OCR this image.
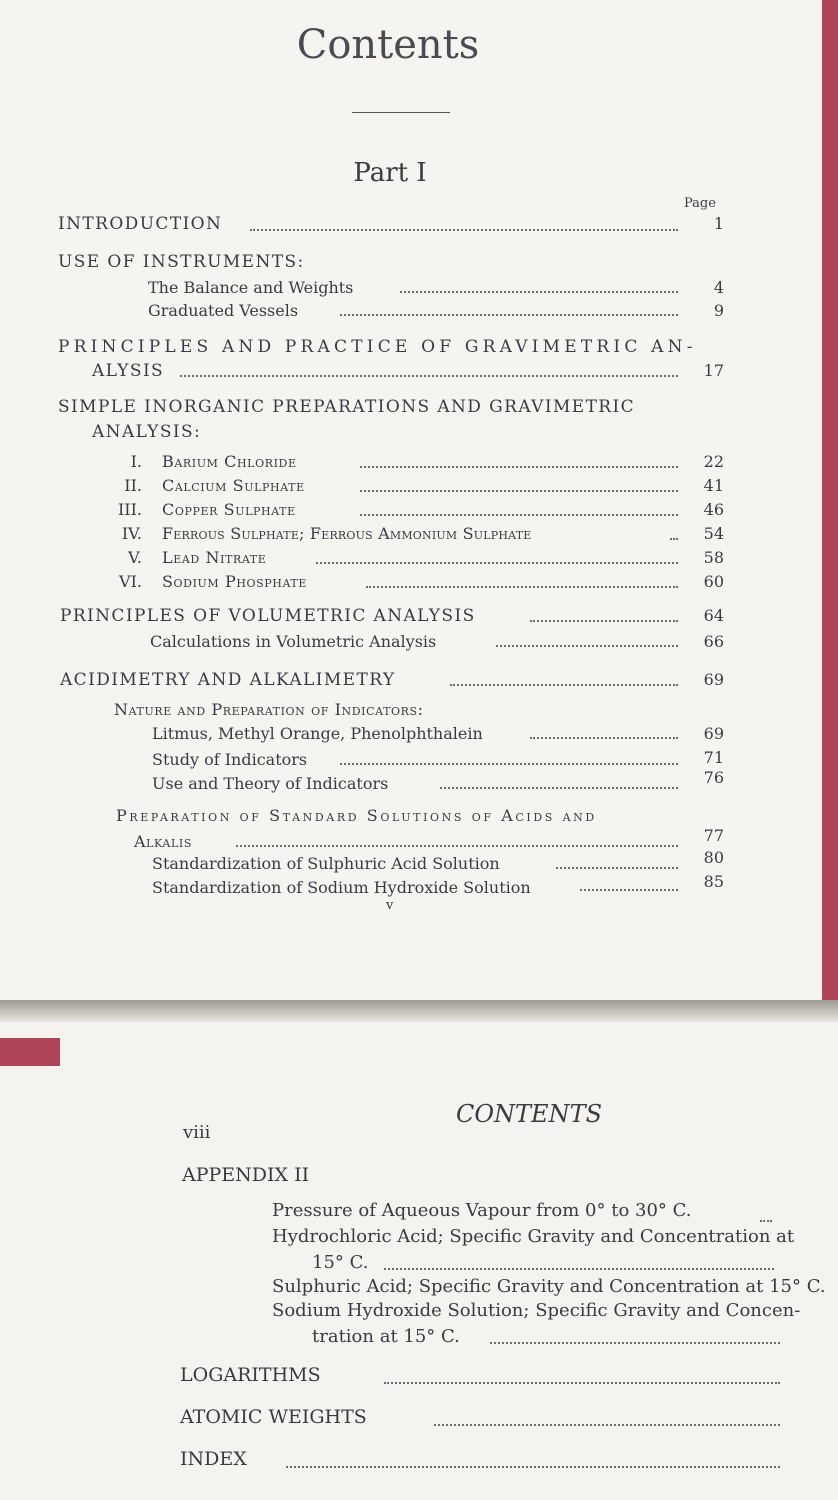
Contents
Part I
Page
INTRODUCTION	1
USE OF INSTRUMENTS:
The Balance and Weights	4
Graduated Vessels	9
PRINCIPLES AND PRACTICE OF GRAVIMETRIC AN-
ALYSIS	17
SIMPLE INORGANIC PREPARATIONS AND GRAVIMETRIC
ANALYSIS:
I. Barium Chloride	22
II. Calcium Sulphate	41
III. Copper Sulphate	46
IV. Ferrous Sulphate; Ferrous Ammonium Sulphate	54
V. Lead Nitrate	58
VI. Sodium Phosphate	60
PRINCIPLES OF VOLUMETRIC ANALYSIS	64
Calculations in Volumetric Analysis	66
ACIDIMETRY AND ALKALIMETRY	69
Nature and Preparation of Indicators:
Litmus, Methyl Orange, Phenolphthalein	69
Study of Indicators	71
Use and Theory of Indicators	76
Preparation of Standard Solutions of Acids and
Alkalis	77
Standardization of Sulphuric Acid Solution	80
Standardization of Sodium Hydroxide Solution	85
v
viii
CONTENTS
APPENDIX II
Pressure of Aqueous Vapour from 0° to 30° C.
Hydrochloric Acid; Specific Gravity and Concentration at
15° C.
Sulphuric Acid; Specific Gravity and Concentration at 15° C.
Sodium Hydroxide Solution; Specific Gravity and Concen-
tration at 15° C.
LOGARITHMS
ATOMIC WEIGHTS
INDEX
